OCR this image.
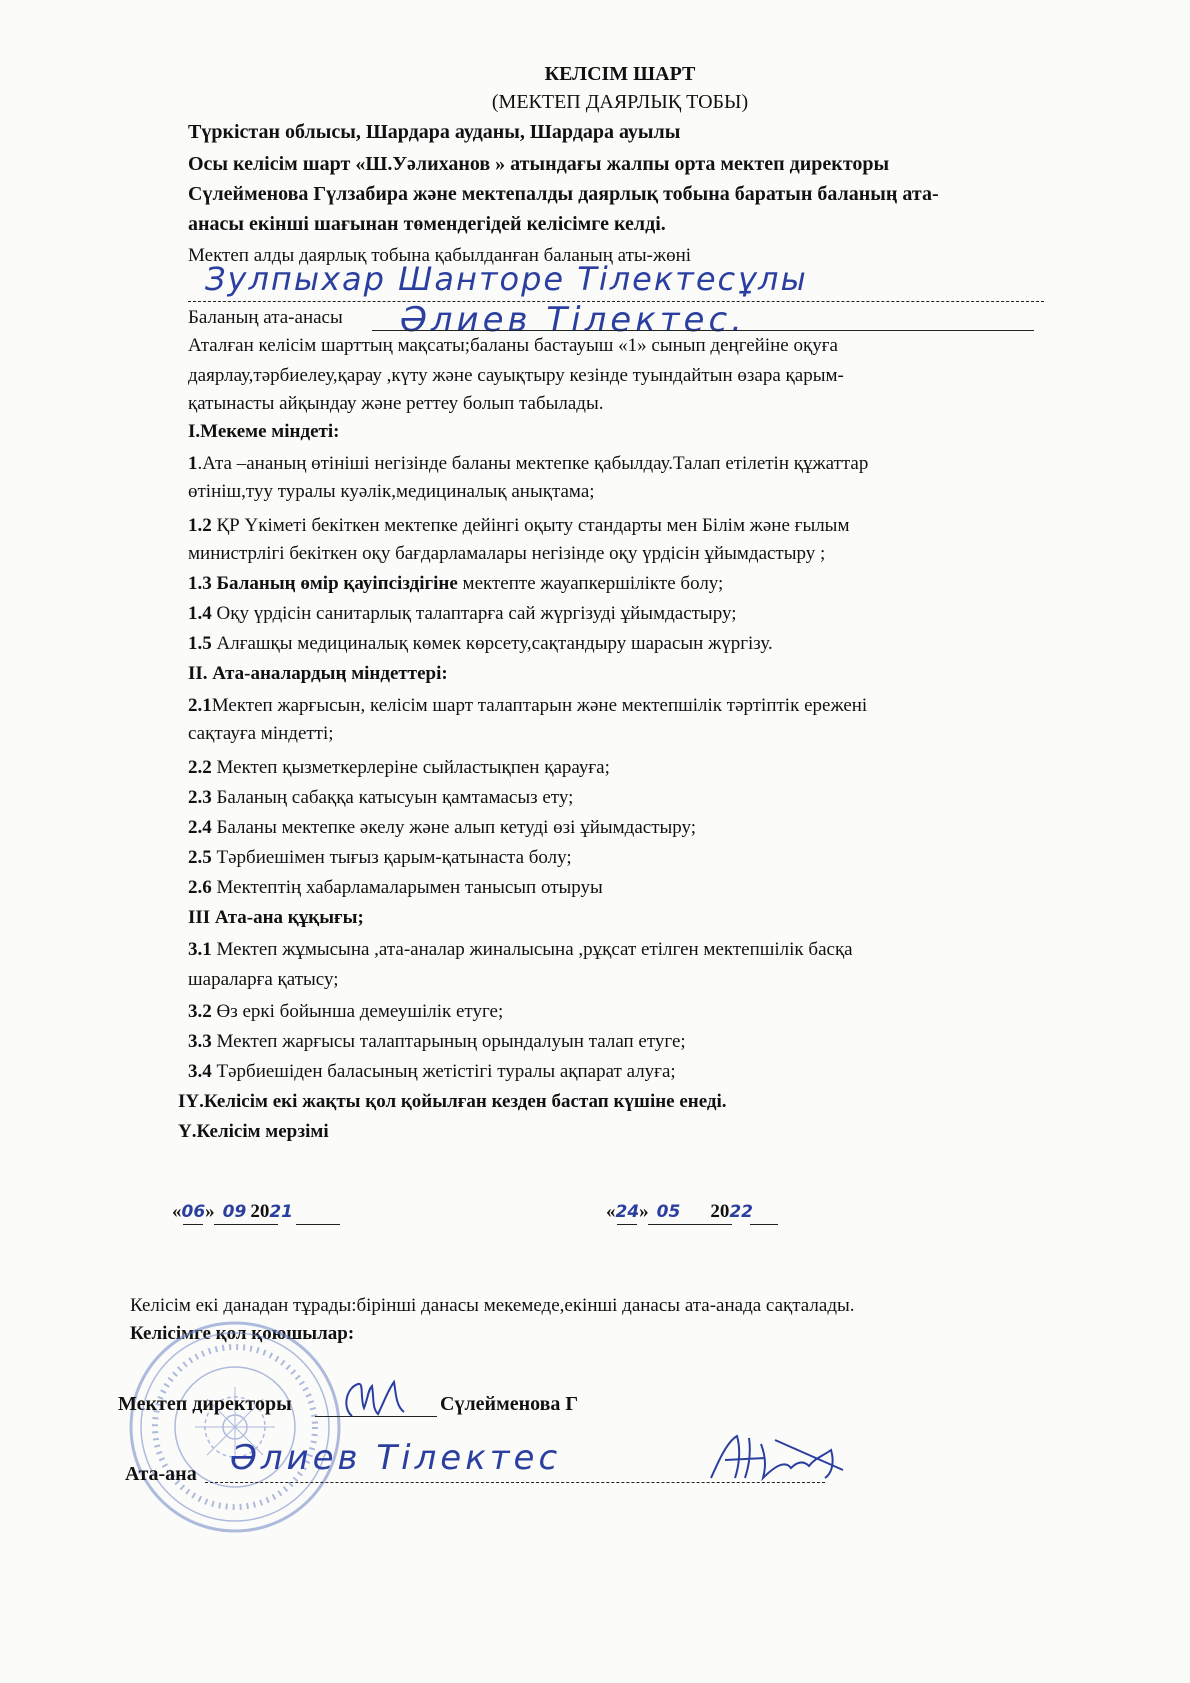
КЕЛСІМ ШАРТ
(МЕКТЕП ДАЯРЛЫҚ ТОБЫ)
Түркістан облысы, Шардара ауданы, Шардара ауылы
Осы келісім шарт «Ш.Уәлиханов » атындағы жалпы орта мектеп директоры
Сүлейменова Гүлзабира және мектепалды даярлық тобына баратын баланың ата-
анасы екінші шағынан төмендегідей келісімге келді.
Мектеп алды даярлық тобына қабылданған баланың аты-жөні
Зулпыхар Шанторе Тілектесұлы
Баланың ата-анасы Әлиев Тілектес.
Аталған келісім шарттың мақсаты;баланы бастауыш «1» сынып деңгейіне оқуға
даярлау,тәрбиелеу,қарау ,күту және сауықтыру кезінде туындайтын өзара қарым-
қатынасты айқындау және реттеу болып табылады.
І.Мекеме міндеті:
1.Ата –ананың өтініші негізінде баланы мектепке қабылдау.Талап етілетін құжаттар
өтініш,туу туралы куәлік,медициналық анықтама;
1.2 ҚР Үкіметі бекіткен мектепке дейінгі оқыту стандарты мен Білім және ғылым
министрлігі бекіткен оқу бағдарламалары негізінде оқу үрдісін ұйымдастыру ;
1.3 Баланың өмір қауіпсіздігіне мектепте жауапкершілікте болу;
1.4 Оқу үрдісін санитарлық талаптарға сай жүргізуді ұйымдастыру;
1.5 Алғашқы медициналық көмек көрсету,сақтандыру шарасын жүргізу.
ІІ. Ата-аналардың міндеттері:
2.1Мектеп жарғысын, келісім шарт талаптарын және мектепшілік тәртіптік ережені
сақтауға міндетті;
2.2 Мектеп қызметкерлеріне сыйластықпен қарауға;
2.3 Баланың сабаққа катысуын қамтамасыз ету;
2.4 Баланы мектепке әкелу және алып кетуді өзі ұйымдастыру;
2.5 Тәрбиешімен тығыз қарым-қатынаста болу;
2.6 Мектептің хабарламаларымен танысып отыруы
ІІІ Ата-ана құқығы;
3.1 Мектеп жұмысына ,ата-аналар жиналысына ,рұқсат етілген мектепшілік басқа
шараларға қатысу;
3.2 Өз еркі бойынша демеушілік етуге;
3.3 Мектеп жарғысы талаптарының орындалуын талап етуге;
3.4 Тәрбиешіден баласының жетістігі туралы ақпарат алуға;
ІҮ.Келісім екі жақты қол қойылған кезден бастап күшіне енеді.
Ү.Келісім мерзімі
«06» 09 2021	«24» 05 2022
Келісім екі данадан тұрады:бірінші данасы мекемеде,екінші данасы ата-анада сақталады.
Келісімге қол қоюшылар:
Мектеп директоры	Сүлейменова Г
Ата-ана Әлиев Тілектес
